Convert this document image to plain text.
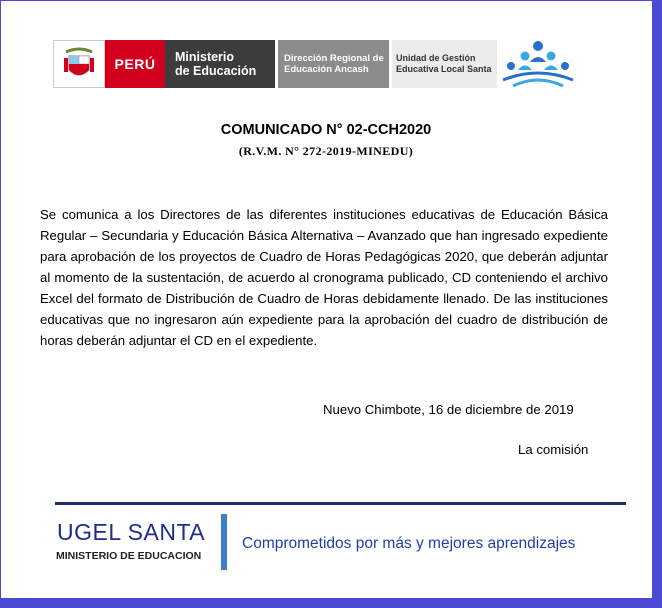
PERÚ Ministerio
de Educación
Dirección Regional de
Educación Ancash
Unidad de Gestión
Educativa Local Santa
COMUNICADO N° 02-CCH2020
(R.V.M. N° 272-2019-MINEDU)
Se comunica a los Directores de las diferentes instituciones educativas de Educación Básica Regular – Secundaria y Educación Básica Alternativa – Avanzado que han ingresado expediente para aprobación de los proyectos de Cuadro de Horas Pedagógicas 2020, que deberán adjuntar al momento de la sustentación, de acuerdo al cronograma publicado, CD conteniendo el archivo Excel del formato de Distribución de Cuadro de Horas debidamente llenado. De las instituciones educativas que no ingresaron aún expediente para la aprobación del cuadro de distribución de horas deberán adjuntar el CD en el expediente.
Nuevo Chimbote, 16 de diciembre de 2019
La comisión
UGEL SANTA
MINISTERIO DE EDUCACION
Comprometidos por más y mejores aprendizajes
